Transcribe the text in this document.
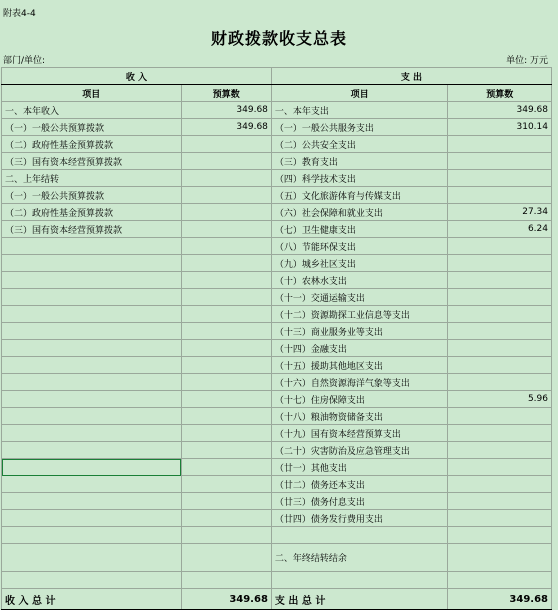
附表4-4
财政拨款收支总表
部门/单位:	单位: 万元
收 入		支 出	
项目	预算数	项目	预算数
一、本年收入	349.68	一、本年支出	349.68
（一）一般公共预算拨款	349.68	（一）一般公共服务支出	310.14
（二）政府性基金预算拨款		（二）公共安全支出	
（三）国有资本经营预算拨款		（三）教育支出	
二、上年结转		（四）科学技术支出	
（一）一般公共预算拨款		（五）文化旅游体育与传媒支出	
（二）政府性基金预算拨款		（六）社会保障和就业支出	27.34
（三）国有资本经营预算拨款		（七）卫生健康支出	6.24
		（八）节能环保支出	
		（九）城乡社区支出	
		（十）农林水支出	
		（十一）交通运输支出	
		（十二）资源勘探工业信息等支出	
		（十三）商业服务业等支出	
		（十四）金融支出	
		（十五）援助其他地区支出	
		（十六）自然资源海洋气象等支出	
		（十七）住房保障支出	5.96
		（十八）粮油物资储备支出	
		（十九）国有资本经营预算支出	
		（二十）灾害防治及应急管理支出	
		（廿一）其他支出	
		（廿二）债务还本支出	
		（廿三）债务付息支出	
		（廿四）债务发行费用支出	

		二、年终结转结余	

收 入 总 计	349.68	支 出 总 计	349.68
